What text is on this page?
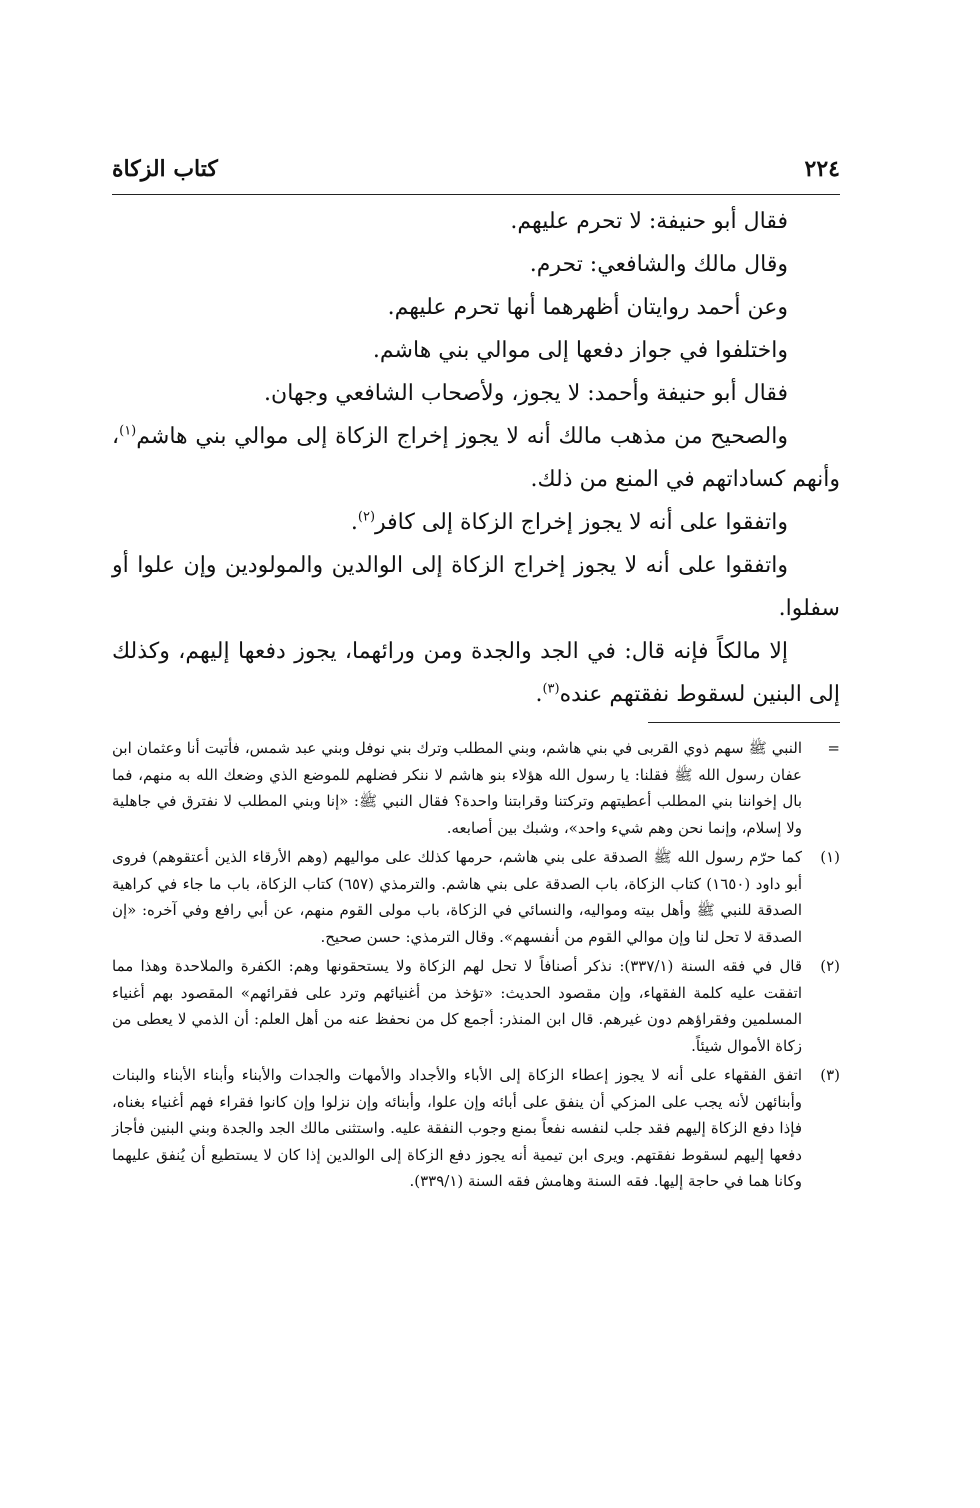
٢٢٤
كتاب الزكاة

فقال أبو حنيفة: لا تحرم عليهم.

وقال مالك والشافعي: تحرم.

وعن أحمد روايتان أظهرهما أنها تحرم عليهم.

واختلفوا في جواز دفعها إلى موالي بني هاشم.

فقال أبو حنيفة وأحمد: لا يجوز، ولأصحاب الشافعي وجهان.

والصحيح من مذهب مالك أنه لا يجوز إخراج الزكاة إلى موالي بني هاشم$^{(١)}$، وأنهم كساداتهم في المنع من ذلك.

واتفقوا على أنه لا يجوز إخراج الزكاة إلى كافر$^{(٢)}$.

واتفقوا على أنه لا يجوز إخراج الزكاة إلى الوالدين والمولودين وإن علوا أو سفلوا.

إلا مالكاً فإنه قال: في الجد والجدة ومن ورائهما، يجوز دفعها إليهم، وكذلك إلى البنين لسقوط نفقتهم عنده$^{(٣)}$.

=
النبي ﷺ سهم ذوي القربى في بني هاشم، وبني المطلب وترك بني نوفل وبني عبد شمس، فأتيت أنا وعثمان ابن عفان رسول الله ﷺ فقلنا: يا رسول الله هؤلاء بنو هاشم لا ننكر فضلهم للموضع الذي وضعك الله به منهم، فما بال إخواننا بني المطلب أعطيتهم وتركتنا وقرابتنا واحدة؟ فقال النبي ﷺ: «إنا وبني المطلب لا نفترق في جاهلية ولا إسلام، وإنما نحن وهم شيء واحد»، وشبك بين أصابعه.
(١)
كما حرّم رسول الله ﷺ الصدقة على بني هاشم، حرمها كذلك على مواليهم (وهم الأرقاء الذين أعتقوهم) فروى أبو داود (١٦٥٠) كتاب الزكاة، باب الصدقة على بني هاشم. والترمذي (٦٥٧) كتاب الزكاة، باب ما جاء في كراهية الصدقة للنبي ﷺ وأهل بيته ومواليه، والنسائي في الزكاة، باب مولى القوم منهم، عن أبي رافع وفي آخره: «إن الصدقة لا تحل لنا وإن موالي القوم من أنفسهم». وقال الترمذي: حسن صحيح.
(٢)
قال في فقه السنة (٣٣٧/١): نذكر أصنافاً لا تحل لهم الزكاة ولا يستحقونها وهم: الكفرة والملاحدة وهذا مما اتفقت عليه كلمة الفقهاء، وإن مقصود الحديث: «تؤخذ من أغنيائهم وترد على فقرائهم» المقصود بهم أغنياء المسلمين وفقراؤهم دون غيرهم. قال ابن المنذر: أجمع كل من نحفظ عنه من أهل العلم: أن الذمي لا يعطى من زكاة الأموال شيئاً.
(٣)
اتفق الفقهاء على أنه لا يجوز إعطاء الزكاة إلى الأباء والأجداد والأمهات والجدات والأبناء وأبناء الأبناء والبنات وأبنائهن لأنه يجب على المزكي أن ينفق على أبائه وإن علوا، وأبنائه وإن نزلوا وإن كانوا فقراء فهم أغنياء بغناه، فإذا دفع الزكاة إليهم فقد جلب لنفسه نفعاً بمنع وجوب النفقة عليه. واستثنى مالك الجد والجدة وبني البنين فأجاز دفعها إليهم لسقوط نفقتهم. ويرى ابن تيمية أنه يجوز دفع الزكاة إلى الوالدين إذا كان لا يستطيع أن يُنفق عليهما وكانا هما في حاجة إليها. فقه السنة وهامش فقه السنة (٣٣٩/١).
